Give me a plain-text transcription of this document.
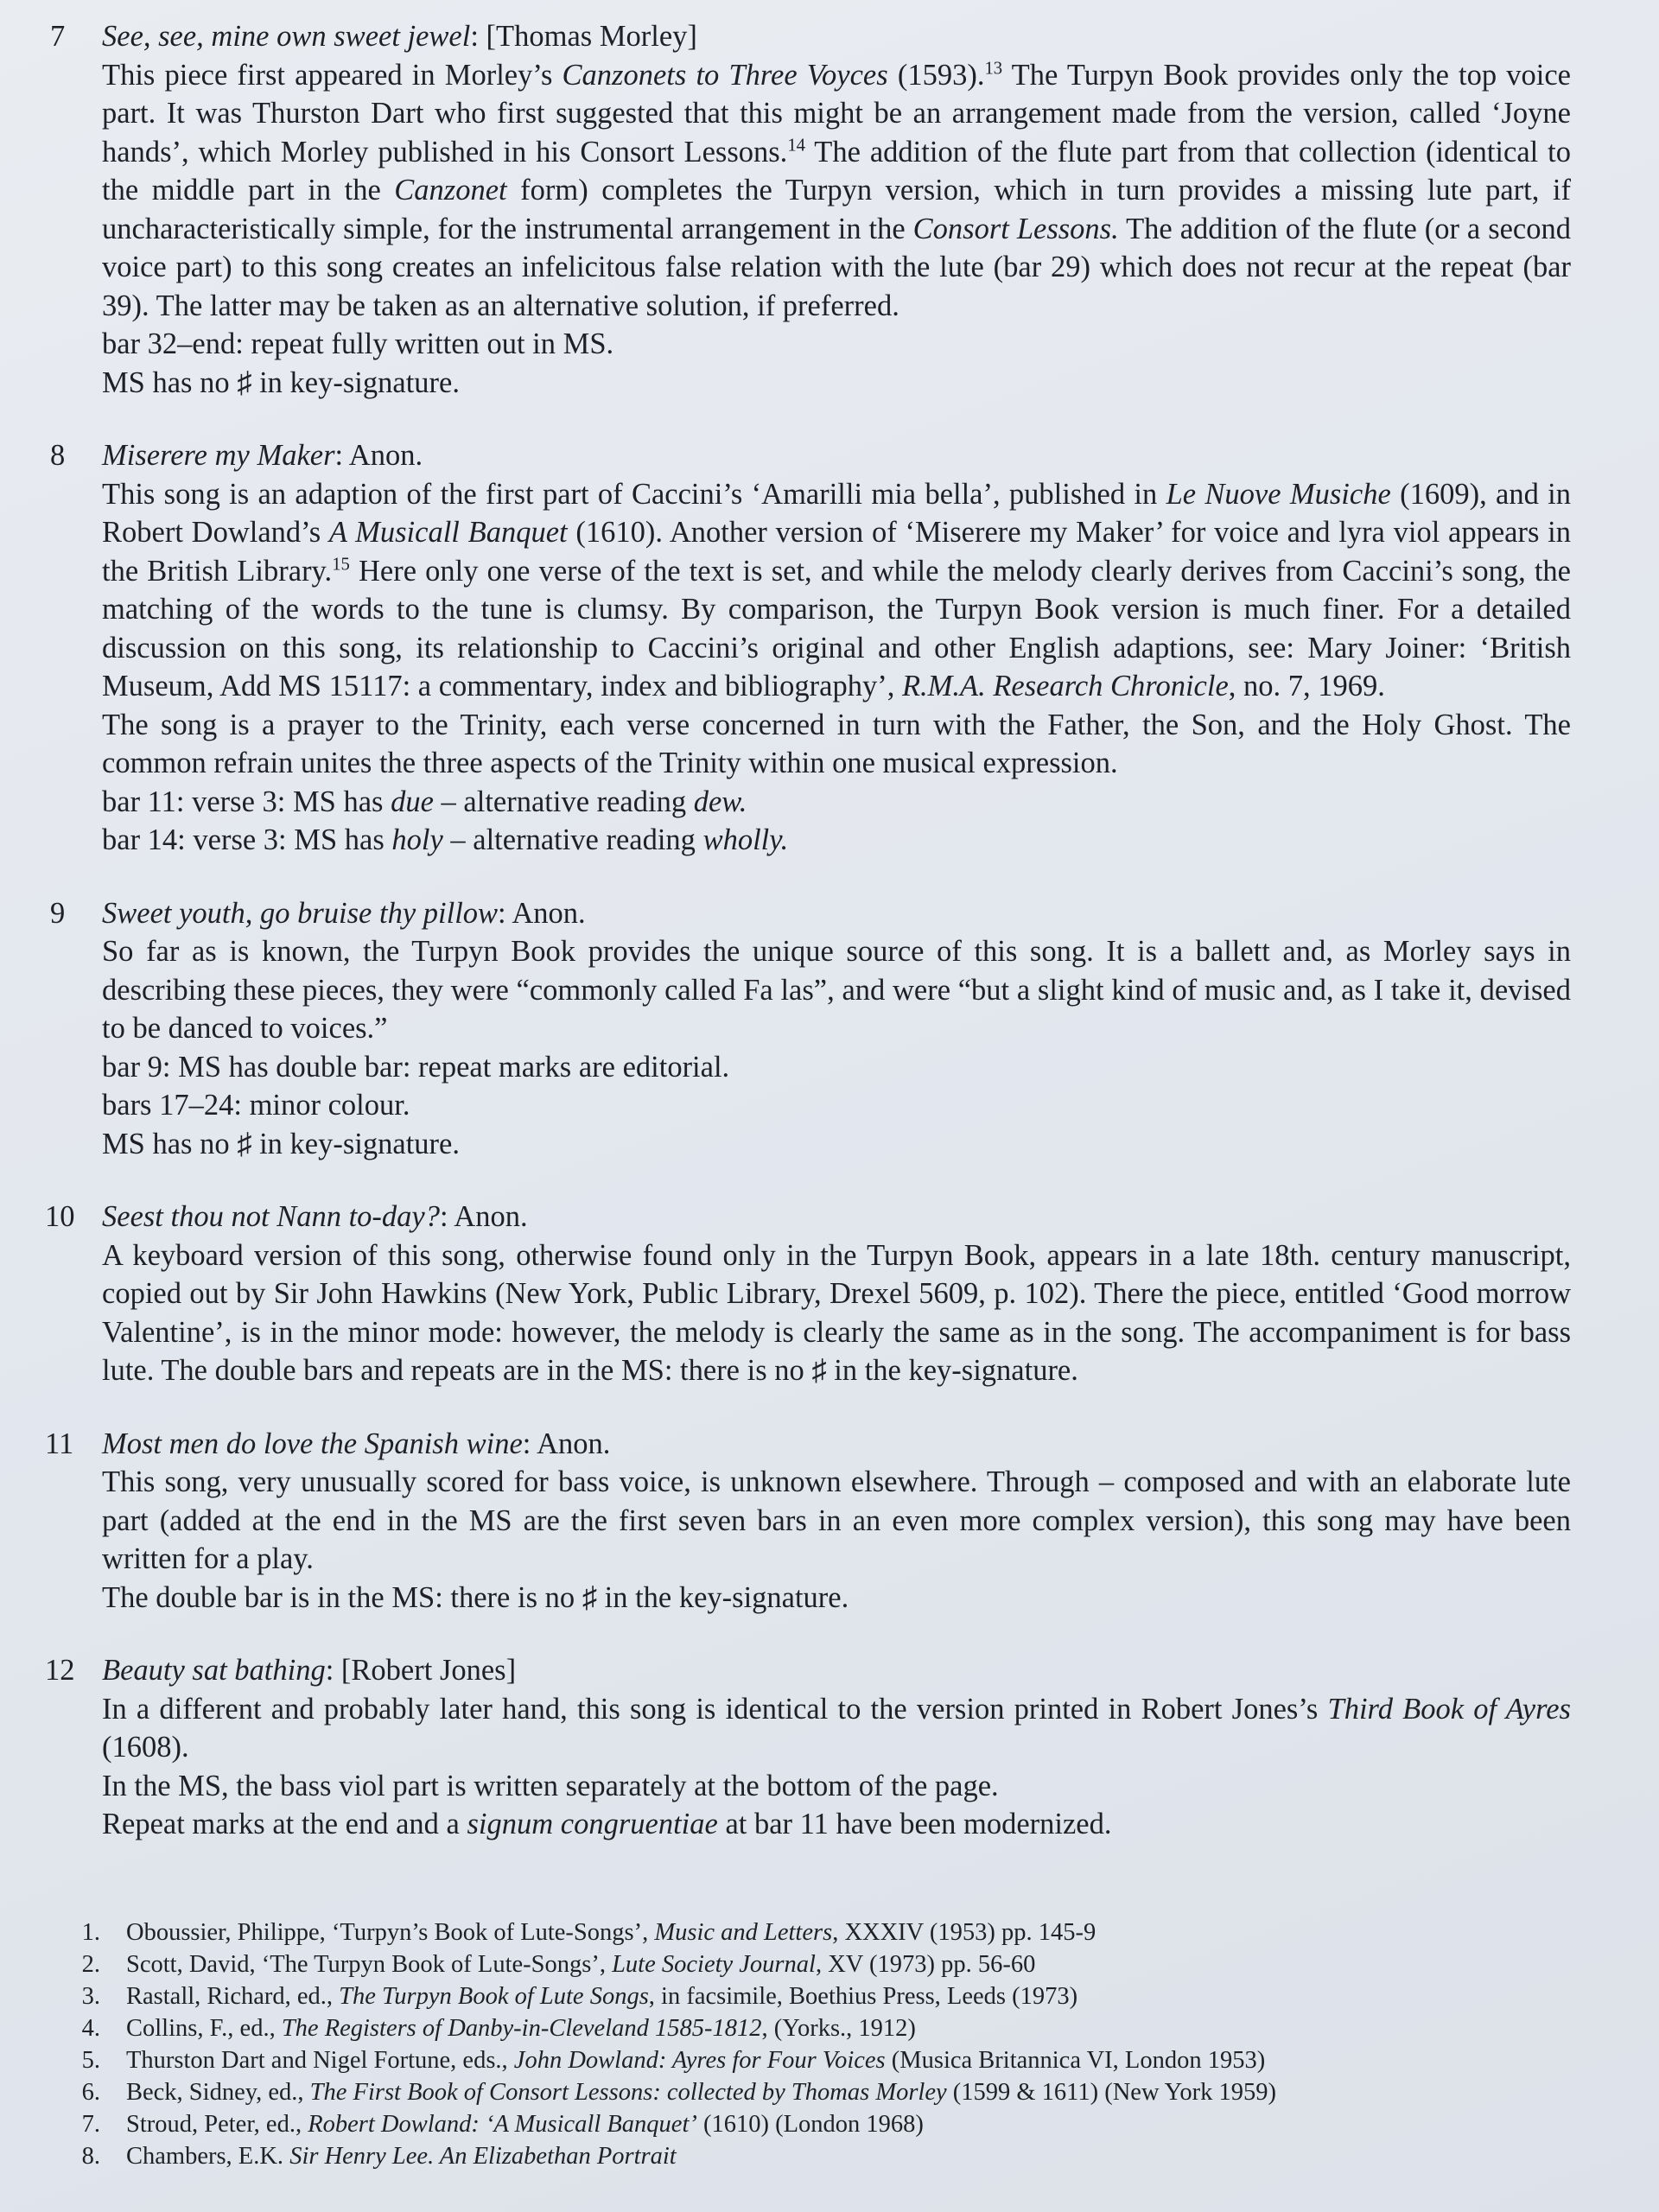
7	See, see, mine own sweet jewel: [Thomas Morley]
This piece first appeared in Morley’s Canzonets to Three Voyces (1593).$^{13}$ The Turpyn Book provides only the top voice part. It was Thurston Dart who first suggested that this might be an arrangement made from the version, called ‘Joyne hands’, which Morley published in his Consort Lessons.$^{14}$ The addition of the flute part from that collection (identical to the middle part in the Canzonet form) completes the Turpyn version, which in turn provides a missing lute part, if uncharacteristically simple, for the instrumental arrangement in the Consort Lessons. The addition of the flute (or a second voice part) to this song creates an infelicitous false relation with the lute (bar 29) which does not recur at the repeat (bar 39). The latter may be taken as an alternative solution, if preferred.
bar 32–end: repeat fully written out in MS.
MS has no ♯ in key-signature.
8	Miserere my Maker: Anon.
This song is an adaption of the first part of Caccini’s ‘Amarilli mia bella’, published in Le Nuove Musiche (1609), and in Robert Dowland’s A Musicall Banquet (1610). Another version of ‘Miserere my Maker’ for voice and lyra viol appears in the British Library.$^{15}$ Here only one verse of the text is set, and while the melody clearly derives from Caccini’s song, the matching of the words to the tune is clumsy. By comparison, the Turpyn Book version is much finer. For a detailed discussion on this song, its relationship to Caccini’s original and other English adaptions, see: Mary Joiner: ‘British Museum, Add MS 15117: a commentary, index and bibliography’, R.M.A. Research Chronicle, no. 7, 1969.
The song is a prayer to the Trinity, each verse concerned in turn with the Father, the Son, and the Holy Ghost. The common refrain unites the three aspects of the Trinity within one musical expression.
bar 11: verse 3: MS has due – alternative reading dew.
bar 14: verse 3: MS has holy – alternative reading wholly.
9	Sweet youth, go bruise thy pillow: Anon.
So far as is known, the Turpyn Book provides the unique source of this song. It is a ballett and, as Morley says in describing these pieces, they were “commonly called Fa las”, and were “but a slight kind of music and, as I take it, devised to be danced to voices.”
bar 9: MS has double bar: repeat marks are editorial.
bars 17–24: minor colour.
MS has no ♯ in key-signature.
10 Seest thou not Nann to-day?: Anon.
A keyboard version of this song, otherwise found only in the Turpyn Book, appears in a late 18th. century manuscript, copied out by Sir John Hawkins (New York, Public Library, Drexel 5609, p. 102). There the piece, entitled ‘Good morrow Valentine’, is in the minor mode: however, the melody is clearly the same as in the song. The accompaniment is for bass lute. The double bars and repeats are in the MS: there is no ♯ in the key-signature.
11 Most men do love the Spanish wine: Anon.
This song, very unusually scored for bass voice, is unknown elsewhere. Through – composed and with an elaborate lute part (added at the end in the MS are the first seven bars in an even more complex version), this song may have been written for a play.
The double bar is in the MS: there is no ♯ in the key-signature.
12 Beauty sat bathing: [Robert Jones]
In a different and probably later hand, this song is identical to the version printed in Robert Jones’s Third Book of Ayres (1608).
In the MS, the bass viol part is written separately at the bottom of the page.
Repeat marks at the end and a signum congruentiae at bar 11 have been modernized.
1. Oboussier, Philippe, ‘Turpyn’s Book of Lute-Songs’, Music and Letters, XXXIV (1953) pp. 145-9
2. Scott, David, ‘The Turpyn Book of Lute-Songs’, Lute Society Journal, XV (1973) pp. 56-60
3. Rastall, Richard, ed., The Turpyn Book of Lute Songs, in facsimile, Boethius Press, Leeds (1973)
4. Collins, F., ed., The Registers of Danby-in-Cleveland 1585-1812, (Yorks., 1912)
5. Thurston Dart and Nigel Fortune, eds., John Dowland: Ayres for Four Voices (Musica Britannica VI, London 1953)
6. Beck, Sidney, ed., The First Book of Consort Lessons: collected by Thomas Morley (1599 & 1611) (New York 1959)
7. Stroud, Peter, ed., Robert Dowland: ‘A Musicall Banquet’ (1610) (London 1968)
8. Chambers, E.K. Sir Henry Lee. An Elizabethan Portrait
